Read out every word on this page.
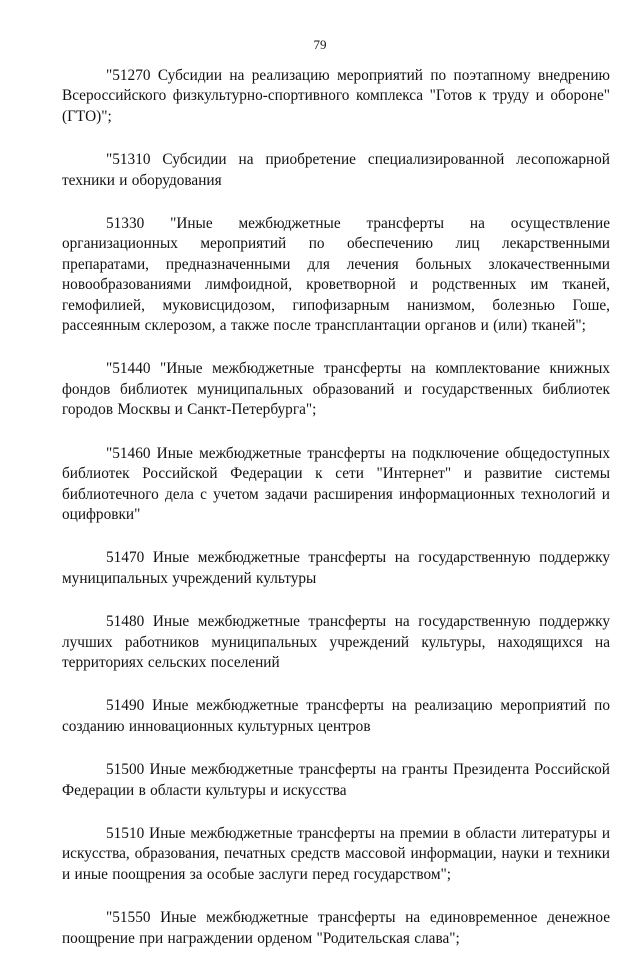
79

"51270 Субсидии на реализацию мероприятий по поэтапному внедрению Всероссийского физкультурно-спортивного комплекса "Готов к труду и обороне" (ГТО)";

"51310 Субсидии на приобретение специализированной лесопожарной техники и оборудования

51330 "Иные межбюджетные трансферты на осуществление организационных мероприятий по обеспечению лиц лекарственными препаратами, предназначенными для лечения больных злокачественными новообразованиями лимфоидной, кроветворной и родственных им тканей, гемофилией, муковисцидозом, гипофизарным нанизмом, болезнью Гоше, рассеянным склерозом, а также после трансплантации органов и (или) тканей";

"51440 "Иные межбюджетные трансферты на комплектование книжных фондов библиотек муниципальных образований и государственных библиотек городов Москвы и Санкт-Петербурга";

"51460 Иные межбюджетные трансферты на подключение общедоступных библиотек Российской Федерации к сети "Интернет" и развитие системы библиотечного дела с учетом задачи расширения информационных технологий и оцифровки"

51470 Иные межбюджетные трансферты на государственную поддержку муниципальных учреждений культуры

51480 Иные межбюджетные трансферты на государственную поддержку лучших работников муниципальных учреждений культуры, находящихся на территориях сельских поселений

51490 Иные межбюджетные трансферты на реализацию мероприятий по созданию инновационных культурных центров

51500 Иные межбюджетные трансферты на гранты Президента Российской Федерации в области культуры и искусства

51510 Иные межбюджетные трансферты на премии в области литературы и искусства, образования, печатных средств массовой информации, науки и техники и иные поощрения за особые заслуги перед государством";

"51550 Иные межбюджетные трансферты на единовременное денежное поощрение при награждении орденом "Родительская слава";
